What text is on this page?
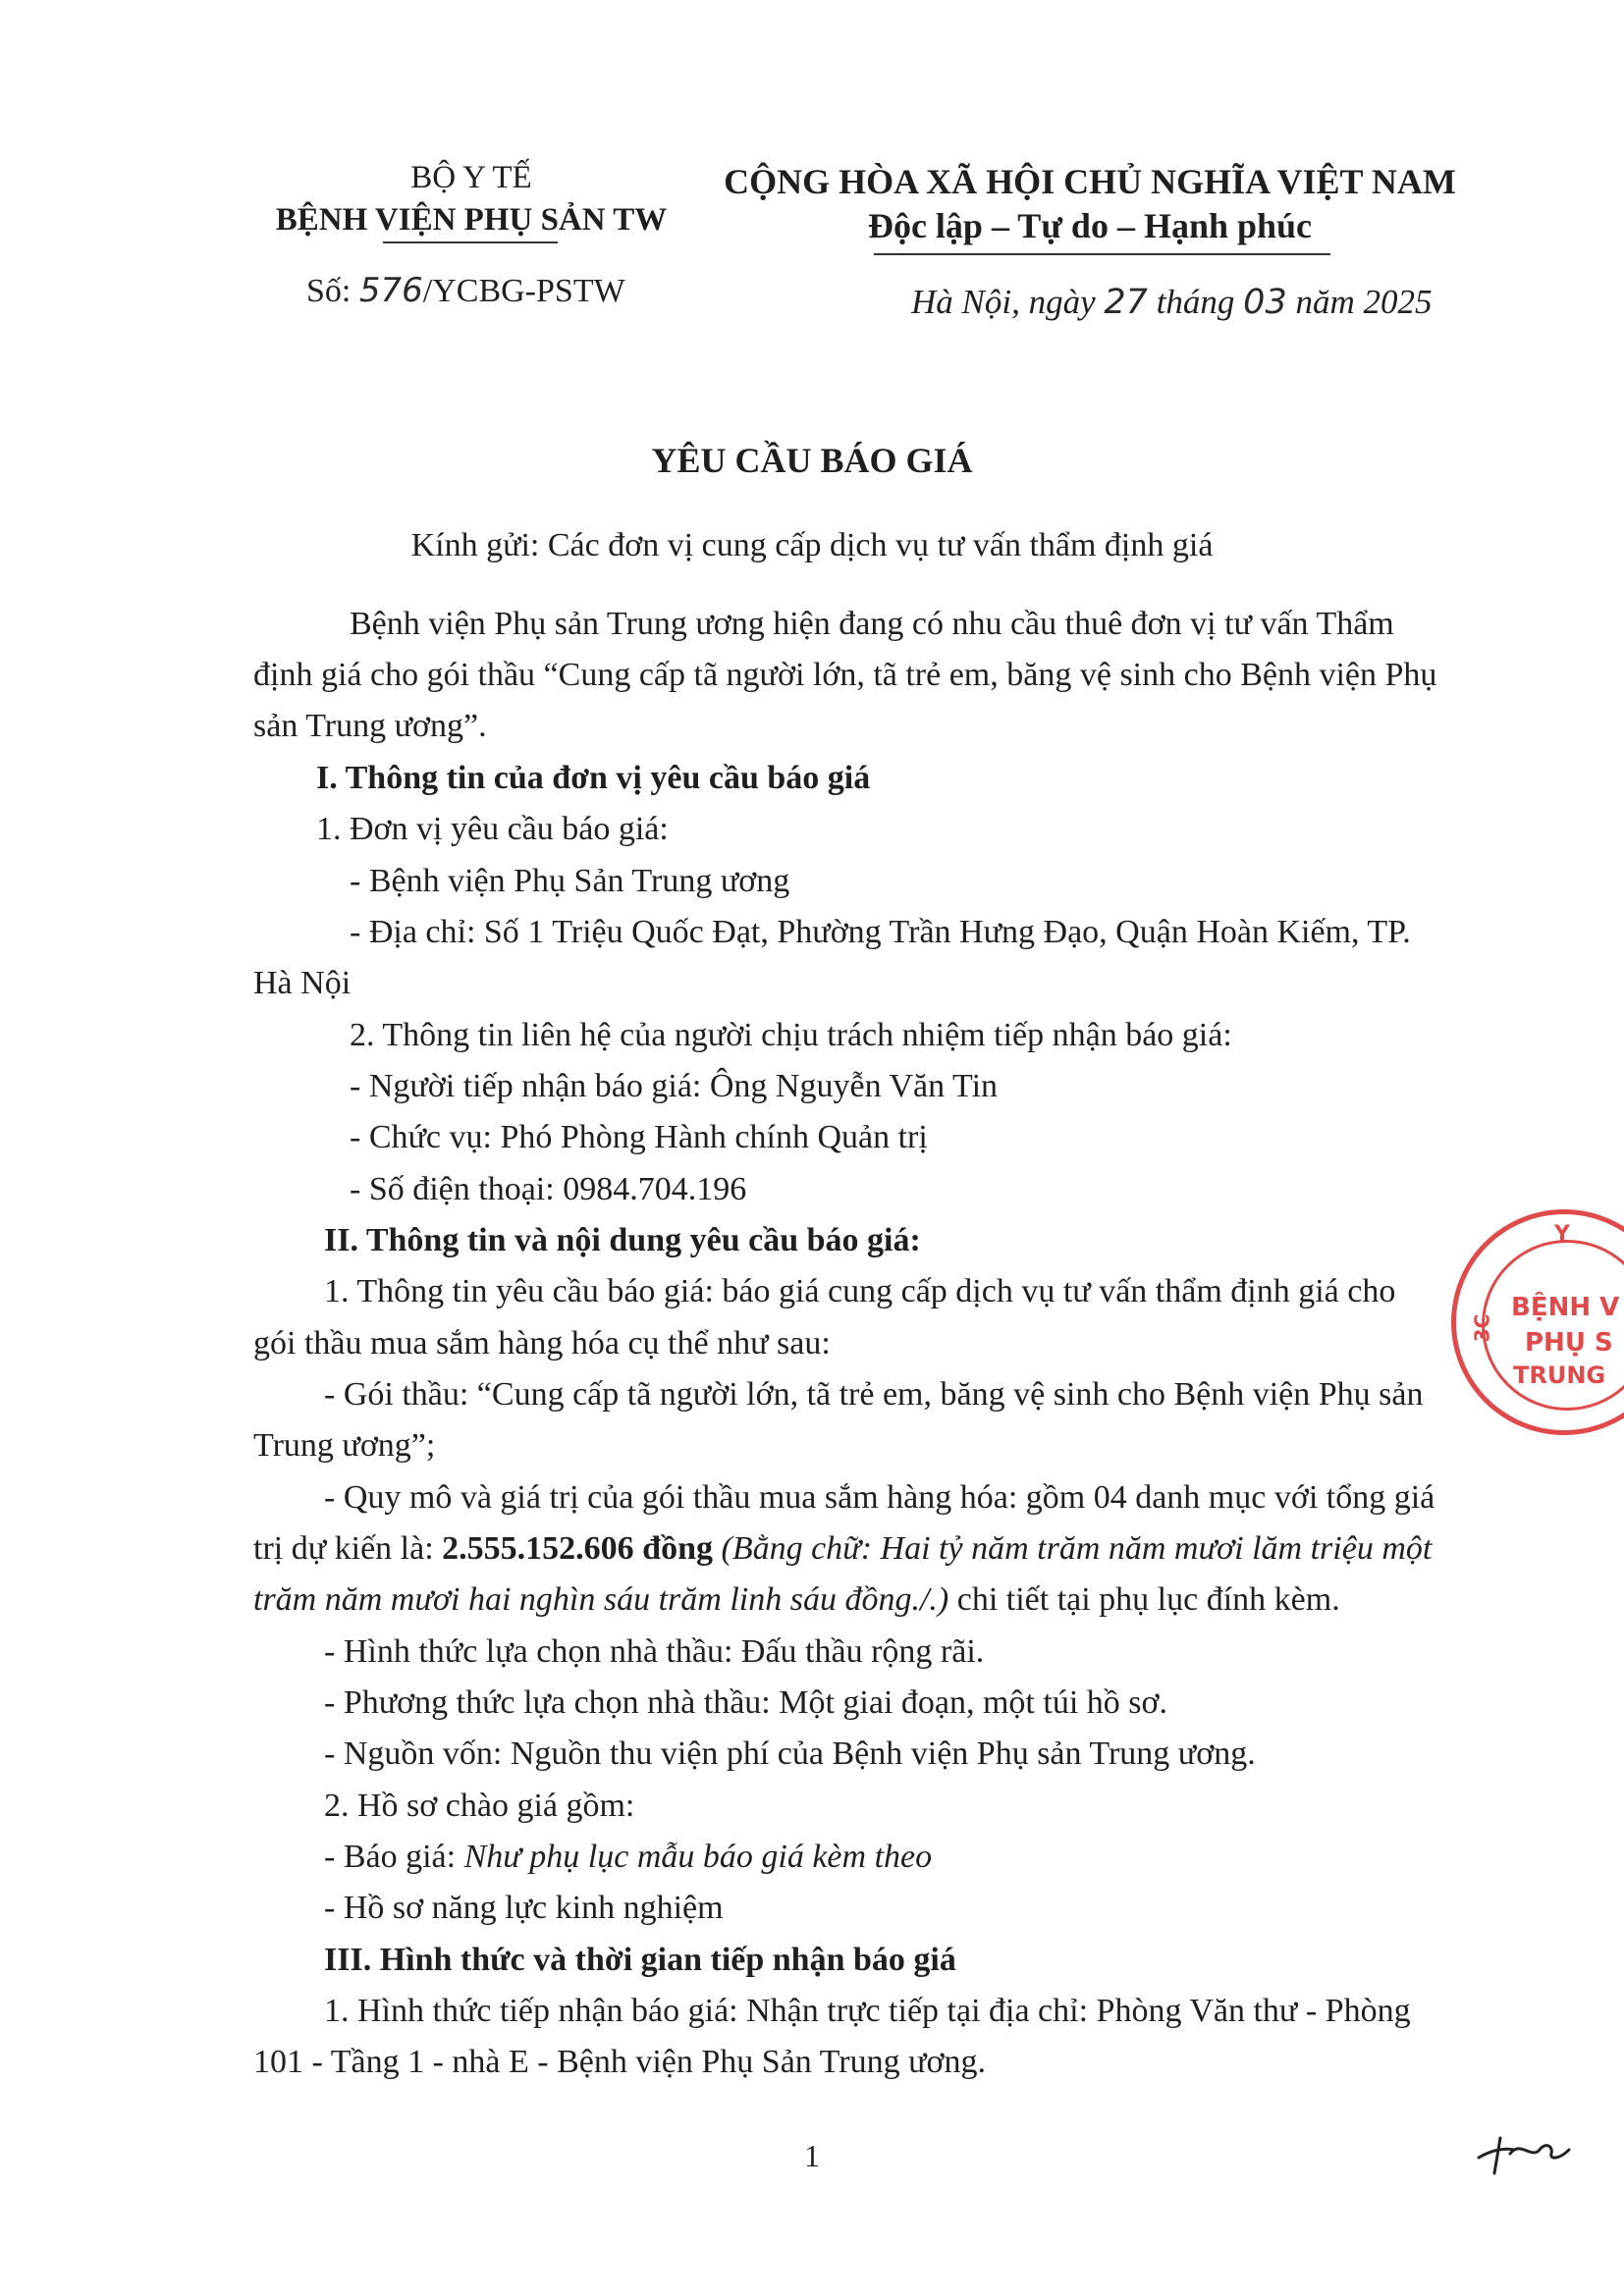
BỘ Y TẾ
BỆNH VIỆN PHỤ SẢN TW
Số: 576/YCBG-PSTW
CỘNG HÒA XÃ HỘI CHỦ NGHĨA VIỆT NAM
Độc lập – Tự do – Hạnh phúc
Hà Nội, ngày 27 tháng 03 năm 2025
YÊU CẦU BÁO GIÁ
Kính gửi: Các đơn vị cung cấp dịch vụ tư vấn thẩm định giá
Bệnh viện Phụ sản Trung ương hiện đang có nhu cầu thuê đơn vị tư vấn Thẩm
định giá cho gói thầu “Cung cấp tã người lớn, tã trẻ em, băng vệ sinh cho Bệnh viện Phụ
sản Trung ương”.
I. Thông tin của đơn vị yêu cầu báo giá
1. Đơn vị yêu cầu báo giá:
- Bệnh viện Phụ Sản Trung ương
- Địa chỉ: Số 1 Triệu Quốc Đạt, Phường Trần Hưng Đạo, Quận Hoàn Kiếm, TP.
Hà Nội
2. Thông tin liên hệ của người chịu trách nhiệm tiếp nhận báo giá:
- Người tiếp nhận báo giá: Ông Nguyễn Văn Tin
- Chức vụ: Phó Phòng Hành chính Quản trị
- Số điện thoại: 0984.704.196
II. Thông tin và nội dung yêu cầu báo giá:
1. Thông tin yêu cầu báo giá: báo giá cung cấp dịch vụ tư vấn thẩm định giá cho
gói thầu mua sắm hàng hóa cụ thể như sau:
- Gói thầu: “Cung cấp tã người lớn, tã trẻ em, băng vệ sinh cho Bệnh viện Phụ sản
Trung ương”;
- Quy mô và giá trị của gói thầu mua sắm hàng hóa: gồm 04 danh mục với tổng giá
trị dự kiến là: 2.555.152.606 đồng (Bằng chữ: Hai tỷ năm trăm năm mươi lăm triệu một
trăm năm mươi hai nghìn sáu trăm linh sáu đồng./.) chi tiết tại phụ lục đính kèm.
- Hình thức lựa chọn nhà thầu: Đấu thầu rộng rãi.
- Phương thức lựa chọn nhà thầu: Một giai đoạn, một túi hồ sơ.
- Nguồn vốn: Nguồn thu viện phí của Bệnh viện Phụ sản Trung ương.
2. Hồ sơ chào giá gồm:
- Báo giá: Như phụ lục mẫu báo giá kèm theo
- Hồ sơ năng lực kinh nghiệm
III. Hình thức và thời gian tiếp nhận báo giá
1. Hình thức tiếp nhận báo giá: Nhận trực tiếp tại địa chỉ: Phòng Văn thư - Phòng
101 - Tầng 1 - nhà E - Bệnh viện Phụ Sản Trung ương.
1
Y
BỆNH V
PHỤ S
TRUNG
3C
